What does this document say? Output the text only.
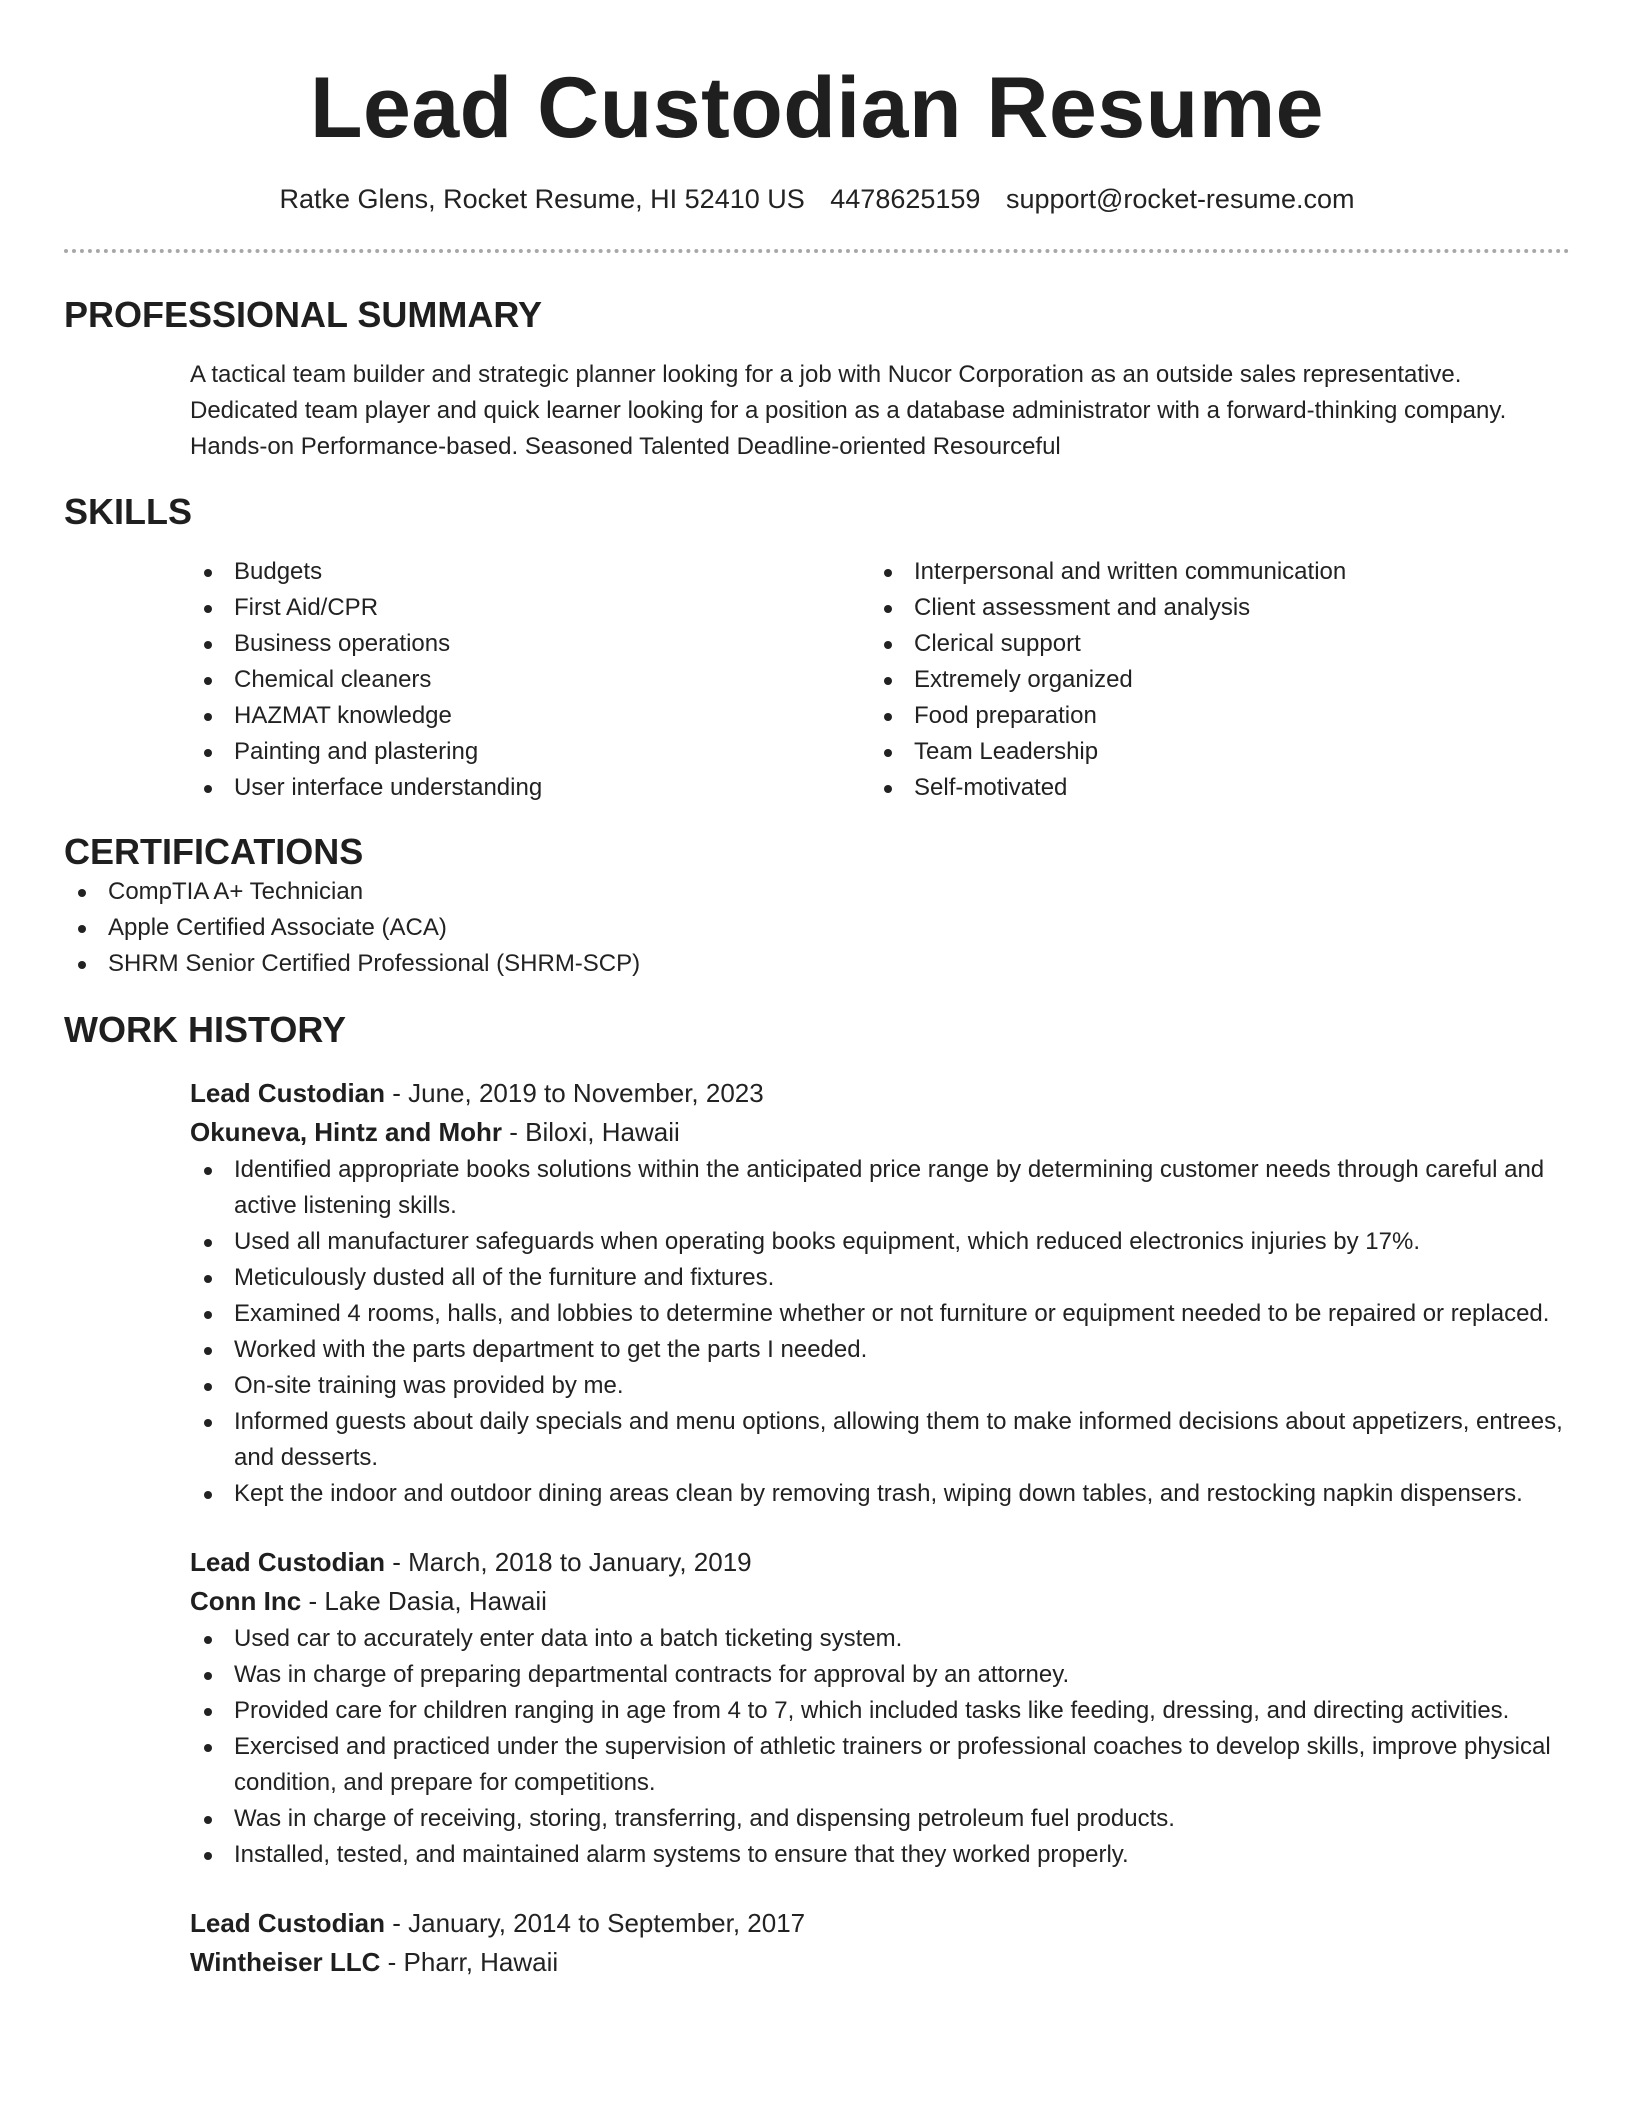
Lead Custodian Resume
Ratke Glens, Rocket Resume, HI 52410 US 4478625159 support@rocket-resume.com
PROFESSIONAL SUMMARY
A tactical team builder and strategic planner looking for a job with Nucor Corporation as an outside sales representative.
Dedicated team player and quick learner looking for a position as a database administrator with a forward-thinking company.
Hands-on Performance-based. Seasoned Talented Deadline-oriented Resourceful
SKILLS
Budgets
First Aid/CPR
Business operations
Chemical cleaners
HAZMAT knowledge
Painting and plastering
User interface understanding
Interpersonal and written communication
Client assessment and analysis
Clerical support
Extremely organized
Food preparation
Team Leadership
Self-motivated
CERTIFICATIONS
CompTIA A+ Technician
Apple Certified Associate (ACA)
SHRM Senior Certified Professional (SHRM-SCP)
WORK HISTORY
Lead Custodian - June, 2019 to November, 2023
Okuneva, Hintz and Mohr - Biloxi, Hawaii
Identified appropriate books solutions within the anticipated price range by determining customer needs through careful and active listening skills.
Used all manufacturer safeguards when operating books equipment, which reduced electronics injuries by 17%.
Meticulously dusted all of the furniture and fixtures.
Examined 4 rooms, halls, and lobbies to determine whether or not furniture or equipment needed to be repaired or replaced.
Worked with the parts department to get the parts I needed.
On-site training was provided by me.
Informed guests about daily specials and menu options, allowing them to make informed decisions about appetizers, entrees, and desserts.
Kept the indoor and outdoor dining areas clean by removing trash, wiping down tables, and restocking napkin dispensers.
Lead Custodian - March, 2018 to January, 2019
Conn Inc - Lake Dasia, Hawaii
Used car to accurately enter data into a batch ticketing system.
Was in charge of preparing departmental contracts for approval by an attorney.
Provided care for children ranging in age from 4 to 7, which included tasks like feeding, dressing, and directing activities.
Exercised and practiced under the supervision of athletic trainers or professional coaches to develop skills, improve physical condition, and prepare for competitions.
Was in charge of receiving, storing, transferring, and dispensing petroleum fuel products.
Installed, tested, and maintained alarm systems to ensure that they worked properly.
Lead Custodian - January, 2014 to September, 2017
Wintheiser LLC - Pharr, Hawaii
